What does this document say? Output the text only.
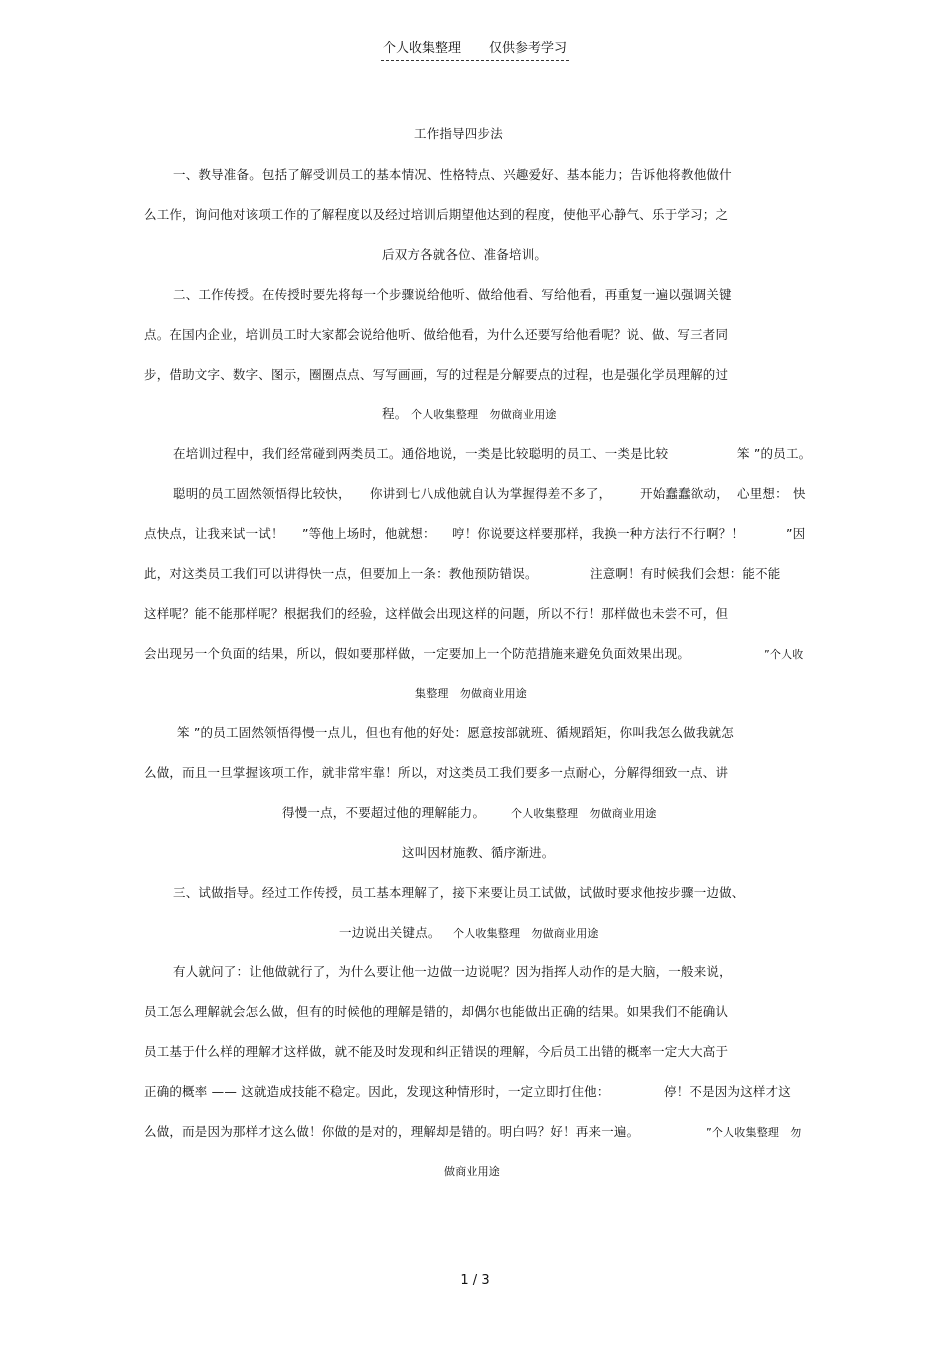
个人收集整理 仅供参考学习
工作指导四步法
一、教导准备。包括了解受训员工的基本情况、性格特点、兴趣爱好、基本能力；告诉他将教他做什
么工作，询问他对该项工作的了解程度以及经过培训后期望他达到的程度，使他平心静气、乐于学习；之
后双方各就各位、准备培训。
二、工作传授。在传授时要先将每一个步骤说给他听、做给他看、写给他看，再重复一遍以强调关键
点。在国内企业，培训员工时大家都会说给他听、做给他看，为什么还要写给他看呢？说、做、写三者同
步，借助文字、数字、图示，圈圈点点、写写画画，写的过程是分解要点的过程，也是强化学员理解的过
程。 个人收集整理　勿做商业用途
在培训过程中，我们经常碰到两类员工。通俗地说，一类是比较聪明的员工、一类是比较	笨 ”的员工。
聪明的员工固然领悟得比较快， 你讲到七八成他就自认为掌握得差不多了， 开始蠢蠢欲动， 心里想： 快
点快点，让我来试一试！ ”等他上场时，他就想： 哼！你说要这样要那样，我换一种方法行不行啊？！	”因
此，对这类员工我们可以讲得快一点，但要加上一条：教他预防错误。	注意啊！有时候我们会想：能不能
这样呢？能不能那样呢？根据我们的经验，这样做会出现这样的问题，所以不行！那样做也未尝不可，但
会出现另一个负面的结果，所以，假如要那样做，一定要加上一个防范措施来避免负面效果出现。	”个人收
集整理　勿做商业用途
笨 ”的员工固然领悟得慢一点儿，但也有他的好处：愿意按部就班、循规蹈矩，你叫我怎么做我就怎
么做，而且一旦掌握该项工作，就非常牢靠！所以，对这类员工我们要多一点耐心，分解得细致一点、讲
得慢一点，不要超过他的理解能力。 个人收集整理　勿做商业用途
这叫因材施教、循序渐进。
三、试做指导。经过工作传授，员工基本理解了，接下来要让员工试做，试做时要求他按步骤一边做、
一边说出关键点。 个人收集整理　勿做商业用途
有人就问了：让他做就行了，为什么要让他一边做一边说呢？因为指挥人动作的是大脑，一般来说，
员工怎么理解就会怎么做，但有的时候他的理解是错的，却偶尔也能做出正确的结果。如果我们不能确认
员工基于什么样的理解才这样做，就不能及时发现和纠正错误的理解，今后员工出错的概率一定大大高于
正确的概率 —— 这就造成技能不稳定。因此，发现这种情形时，一定立即打住他：	停！不是因为这样才这
么做，而是因为那样才这么做！你做的是对的，理解却是错的。明白吗？好！再来一遍。	”个人收集整理　勿
做商业用途
1 / 3
